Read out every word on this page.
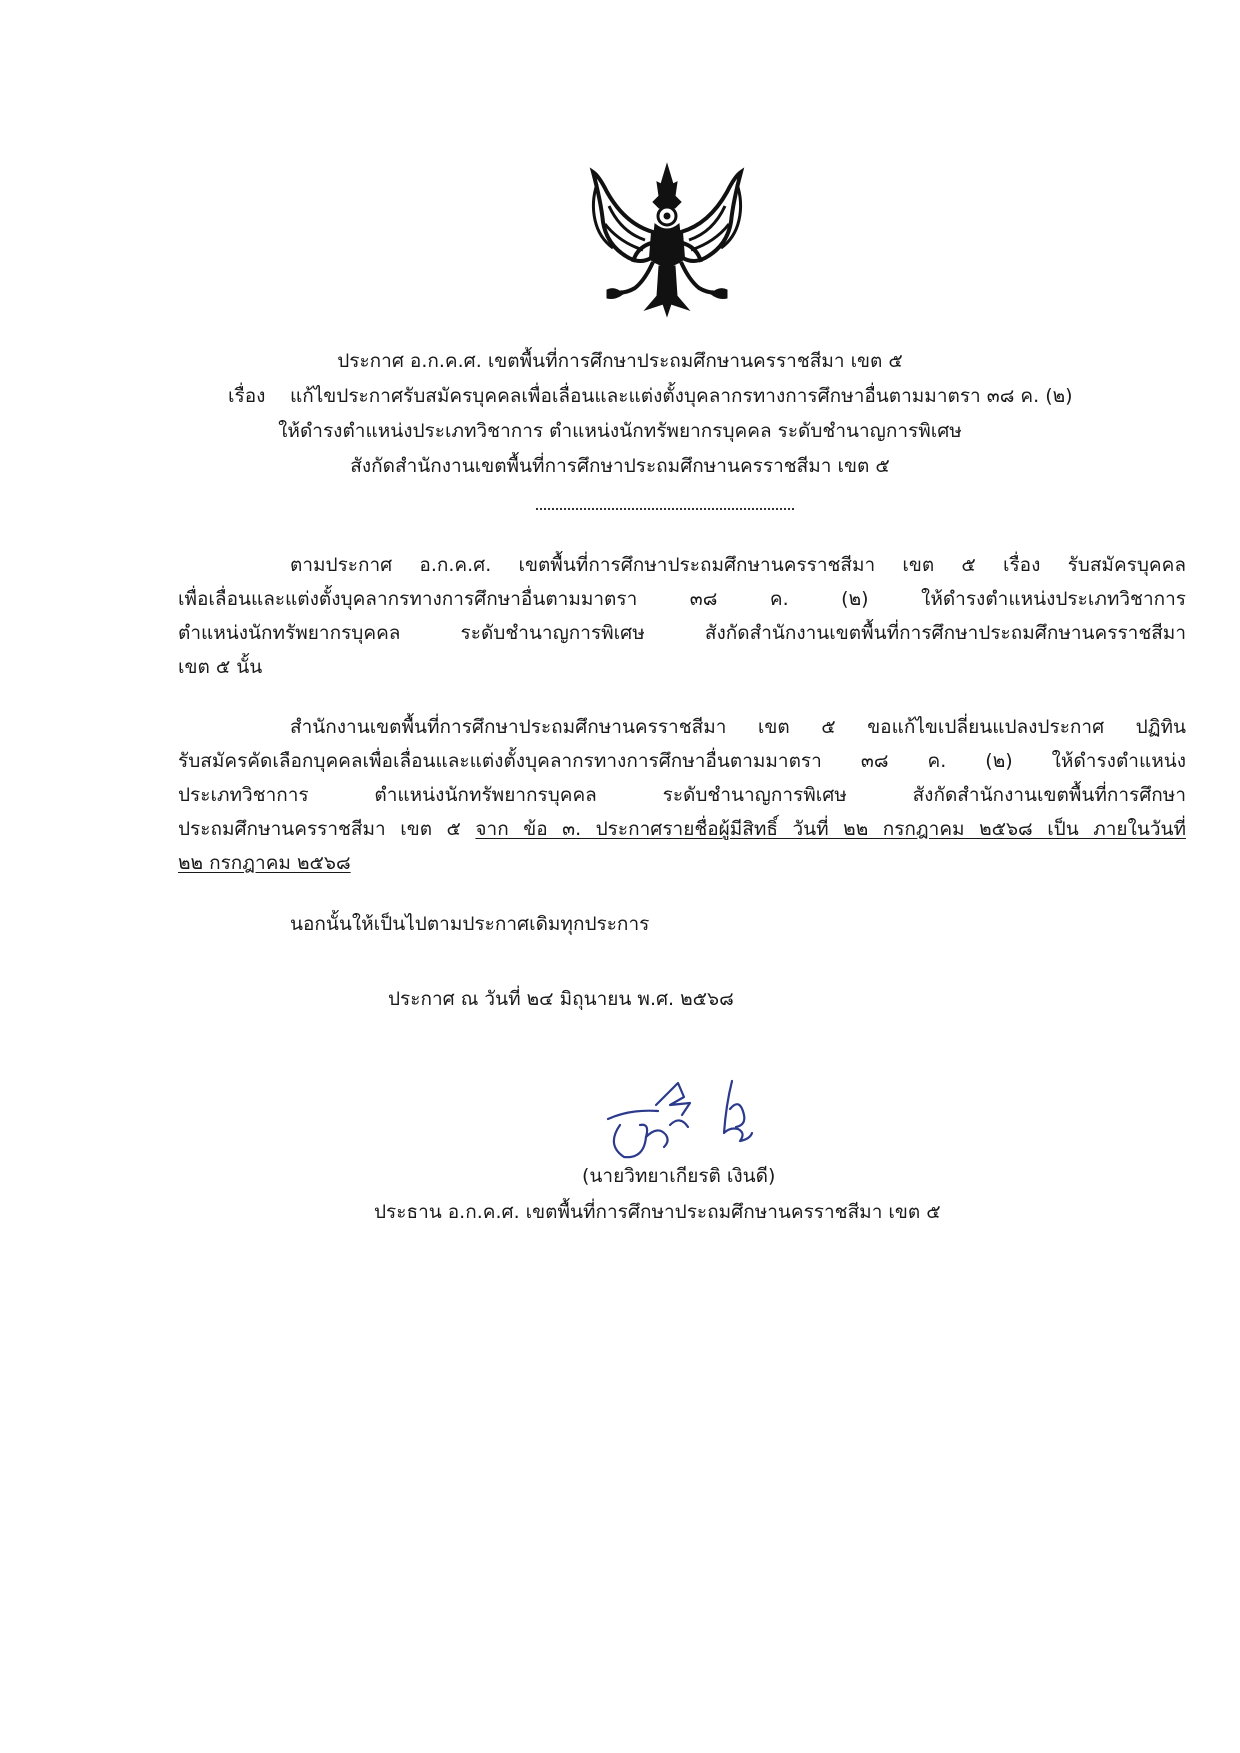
ประกาศ อ.ก.ค.ศ. เขตพื้นที่การศึกษาประถมศึกษานครราชสีมา เขต ๕
เรื่อง แก้ไขประกาศรับสมัครบุคคลเพื่อเลื่อนและแต่งตั้งบุคลากรทางการศึกษาอื่นตามมาตรา ๓๘ ค. (๒)
ให้ดำรงตำแหน่งประเภทวิชาการ ตำแหน่งนักทรัพยากรบุคคล ระดับชำนาญการพิเศษ
สังกัดสำนักงานเขตพื้นที่การศึกษาประถมศึกษานครราชสีมา เขต ๕
ตามประกาศ อ.ก.ค.ศ. เขตพื้นที่การศึกษาประถมศึกษานครราชสีมา เขต ๕ เรื่อง รับสมัครบุคคล
เพื่อเลื่อนและแต่งตั้งบุคลากรทางการศึกษาอื่นตามมาตรา ๓๘ ค. (๒) ให้ดำรงตำแหน่งประเภทวิชาการ
ตำแหน่งนักทรัพยากรบุคคล ระดับชำนาญการพิเศษ สังกัดสำนักงานเขตพื้นที่การศึกษาประถมศึกษานครราชสีมา
เขต ๕ นั้น
สำนักงานเขตพื้นที่การศึกษาประถมศึกษานครราชสีมา เขต ๕ ขอแก้ไขเปลี่ยนแปลงประกาศ ปฏิทิน
รับสมัครคัดเลือกบุคคลเพื่อเลื่อนและแต่งตั้งบุคลากรทางการศึกษาอื่นตามมาตรา ๓๘ ค. (๒) ให้ดำรงตำแหน่ง
ประเภทวิชาการ ตำแหน่งนักทรัพยากรบุคคล ระดับชำนาญการพิเศษ สังกัดสำนักงานเขตพื้นที่การศึกษา
ประถมศึกษานครราชสีมา เขต ๕ จาก ข้อ ๓. ประกาศรายชื่อผู้มีสิทธิ์ วันที่ ๒๒ กรกฎาคม ๒๕๖๘ เป็น ภายในวันที่
๒๒ กรกฎาคม ๒๕๖๘
นอกนั้นให้เป็นไปตามประกาศเดิมทุกประการ
ประกาศ ณ วันที่ ๒๔ มิถุนายน พ.ศ. ๒๕๖๘
(นายวิทยาเกียรติ เงินดี)
ประธาน อ.ก.ค.ศ. เขตพื้นที่การศึกษาประถมศึกษานครราชสีมา เขต ๕
